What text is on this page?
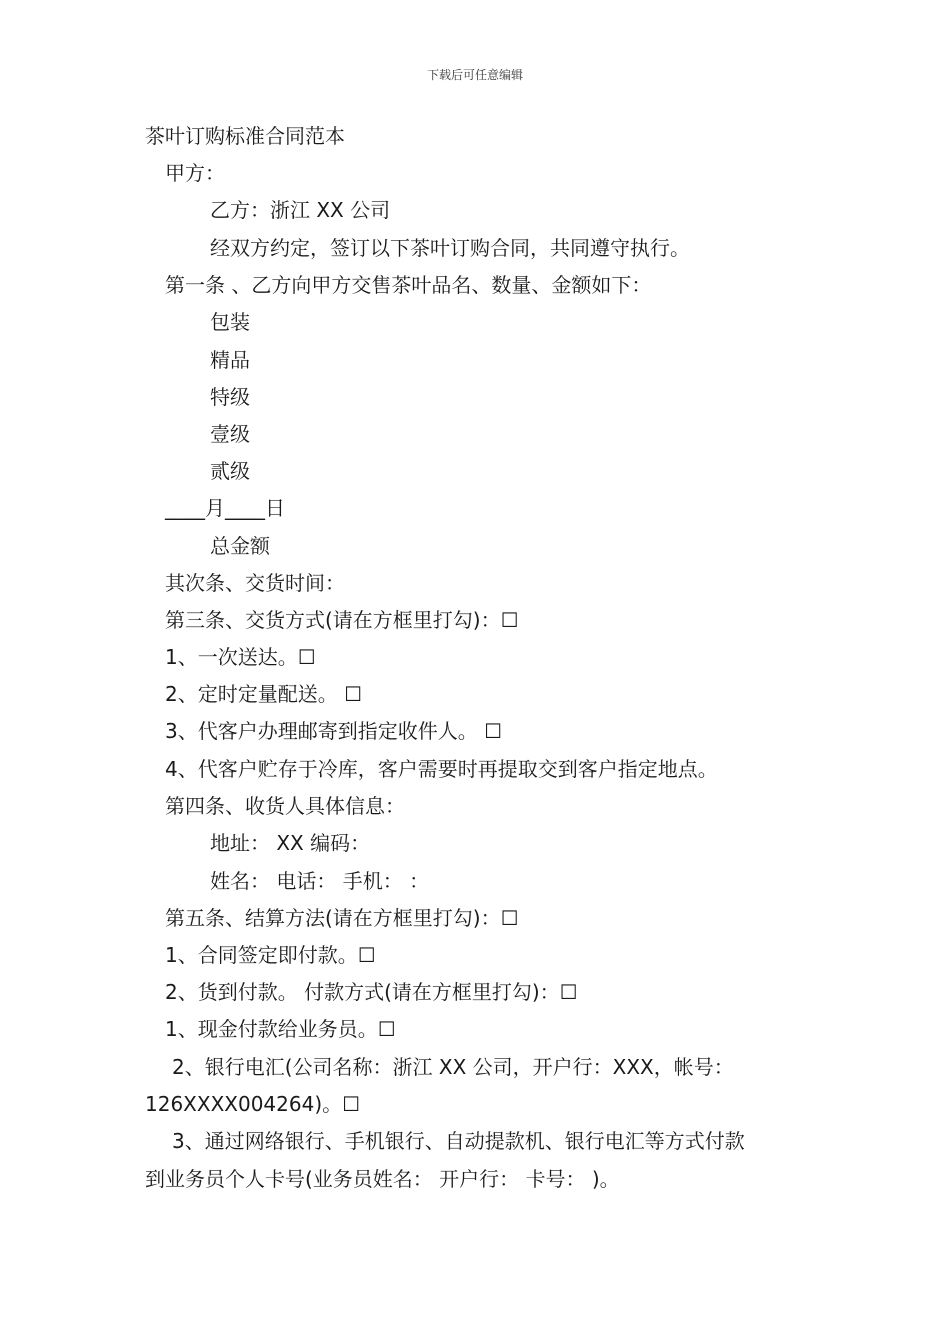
下载后可任意编辑
茶叶订购标准合同范本
甲方：
乙方：浙江 XX 公司
经双方约定，签订以下茶叶订购合同，共同遵守执行。
第一条 、乙方向甲方交售茶叶品名、数量、金额如下：
包装
精品
特级
壹级
贰级
____月____日
总金额
其次条、交货时间：
第三条、交货方式(请在方框里打勾)：☐
1、一次送达。☐
2、定时定量配送。 ☐
3、代客户办理邮寄到指定收件人。 ☐
4、代客户贮存于冷库，客户需要时再提取交到客户指定地点。
第四条、收货人具体信息：
地址： XX 编码：
姓名： 电话： 手机： ：
第五条、结算方法(请在方框里打勾)：☐
1、合同签定即付款。☐
2、货到付款。 付款方式(请在方框里打勾)：☐
1、现金付款给业务员。☐
2、银行电汇(公司名称：浙江 XX 公司，开户行：XXX，帐号：
126XXXX004264)。☐
3、通过网络银行、手机银行、自动提款机、银行电汇等方式付款
到业务员个人卡号(业务员姓名： 开户行： 卡号： )。
